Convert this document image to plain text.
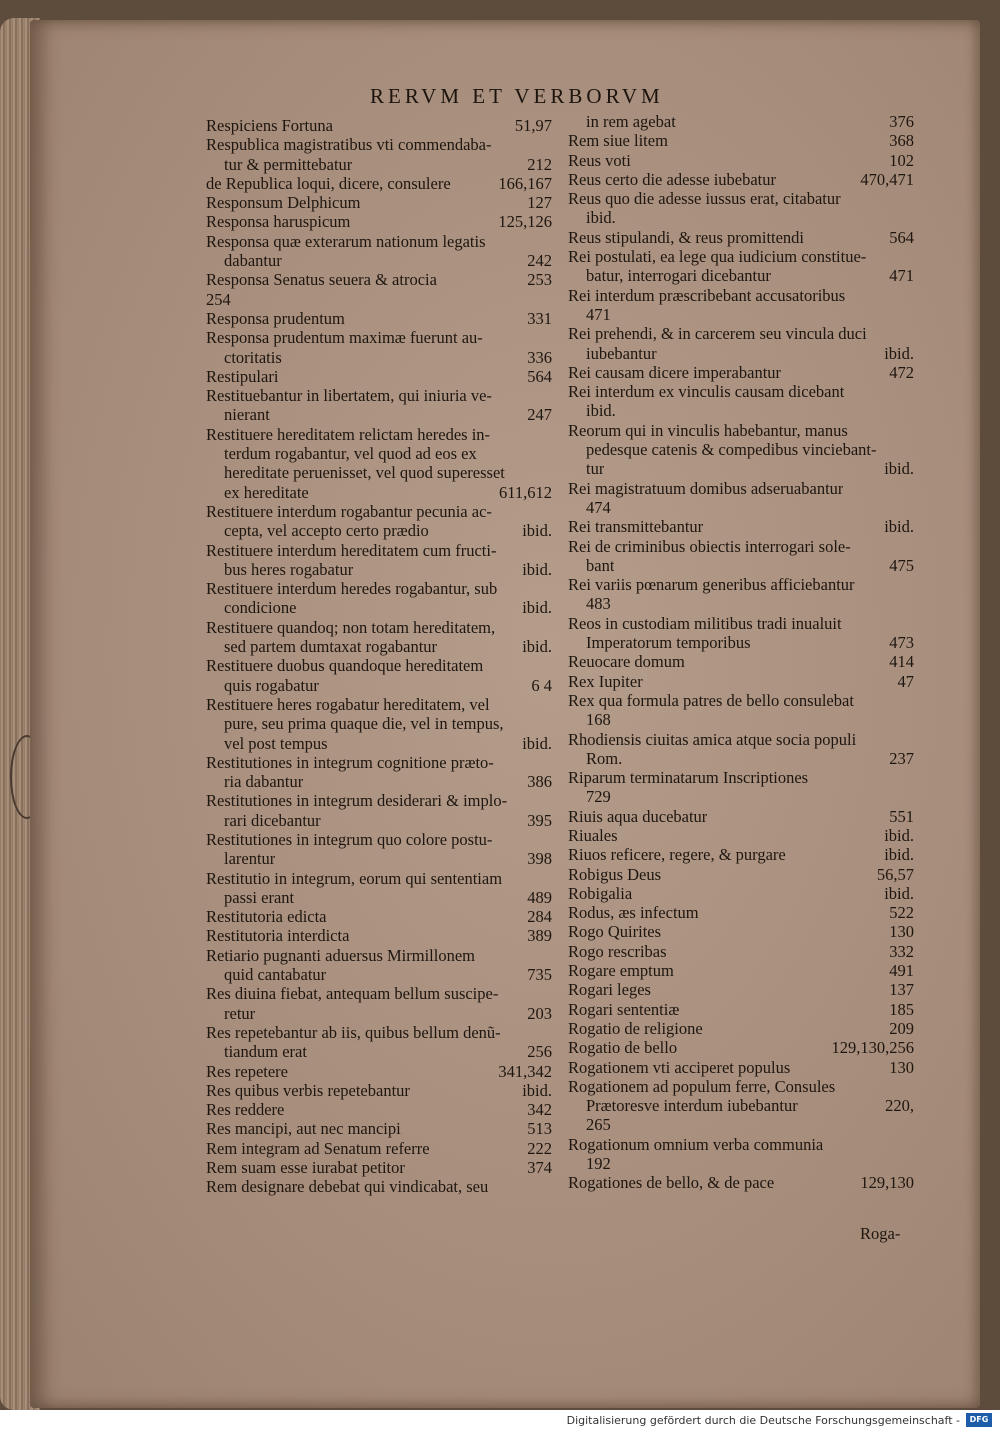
RERVM ET VERBORVM
Respiciens Fortuna	51,97
Respublica magistratibus vti commendaba-
tur & permittebatur	212
de Republica loqui, dicere, consulere	166,167
Responsum Delphicum	127
Responsa haruspicum	125,126
Responsa quæ exterarum nationum legatis
dabantur	242
Responsa Senatus seuera & atrocia	253
254
Responsa prudentum	331
Responsa prudentum maximæ fuerunt au-
ctoritatis	336
Restipulari	564
Restituebantur in libertatem, qui iniuria ve-
nierant	247
Restituere hereditatem relictam heredes in-
terdum rogabantur, vel quod ad eos ex
hereditate peruenisset, vel quod superesset
ex hereditate	611,612
Restituere interdum rogabantur pecunia ac-
cepta, vel accepto certo prædio	ibid.
Restituere interdum hereditatem cum fructi-
bus heres rogabatur	ibid.
Restituere interdum heredes rogabantur, sub
condicione	ibid.
Restituere quandoq; non totam hereditatem,
sed partem dumtaxat rogabantur	ibid.
Restituere duobus quandoque hereditatem
quis rogabatur	6 4
Restituere heres rogabatur hereditatem, vel
pure, seu prima quaque die, vel in tempus,
vel post tempus	ibid.
Restitutiones in integrum cognitione præto-
ria dabantur	386
Restitutiones in integrum desiderari & implo-
rari dicebantur	395
Restitutiones in integrum quo colore postu-
larentur	398
Restitutio in integrum, eorum qui sententiam
passi erant	489
Restitutoria edicta	284
Restitutoria interdicta	389
Retiario pugnanti aduersus Mirmillonem
quid cantabatur	735
Res diuina fiebat, antequam bellum suscipe-
retur	203
Res repetebantur ab iis, quibus bellum denũ-
tiandum erat	256
Res repetere	341,342
Res quibus verbis repetebantur	ibid.
Res reddere	342
Res mancipi, aut nec mancipi	513
Rem integram ad Senatum referre	222
Rem suam esse iurabat petitor	374
Rem designare debebat qui vindicabat, seu
in rem agebat	376
Rem siue litem	368
Reus voti	102
Reus certo die adesse iubebatur	470,471
Reus quo die adesse iussus erat, citabatur
ibid.
Reus stipulandi, & reus promittendi	564
Rei postulati, ea lege qua iudicium constitue-
batur, interrogari dicebantur	471
Rei interdum præscribebant accusatoribus
471
Rei prehendi, & in carcerem seu vincula duci
iubebantur	ibid.
Rei causam dicere imperabantur	472
Rei interdum ex vinculis causam dicebant
ibid.
Reorum qui in vinculis habebantur, manus
pedesque catenis & compedibus vinciebant-
tur	ibid.
Rei magistratuum domibus adseruabantur
474
Rei transmittebantur	ibid.
Rei de criminibus obiectis interrogari sole-
bant	475
Rei variis pœnarum generibus afficiebantur
483
Reos in custodiam militibus tradi inualuit
Imperatorum temporibus	473
Reuocare domum	414
Rex Iupiter	47
Rex qua formula patres de bello consulebat
168
Rhodiensis ciuitas amica atque socia populi
Rom.	237
Riparum terminatarum Inscriptiones
729
Riuis aqua ducebatur	551
Riuales	ibid.
Riuos reficere, regere, & purgare	ibid.
Robigus Deus	56,57
Robigalia	ibid.
Rodus, æs infectum	522
Rogo Quirites	130
Rogo rescribas	332
Rogare emptum	491
Rogari leges	137
Rogari sententiæ	185
Rogatio de religione	209
Rogatio de bello	129,130,256
Rogationem vti acciperet populus	130
Rogationem ad populum ferre, Consules
Prætoresve interdum iubebantur	220,
265
Rogationum omnium verba communia
192
Rogationes de bello, & de pace	129,130
Roga-
Digitalisierung gefördert durch die Deutsche Forschungsgemeinschaft -	DFG
